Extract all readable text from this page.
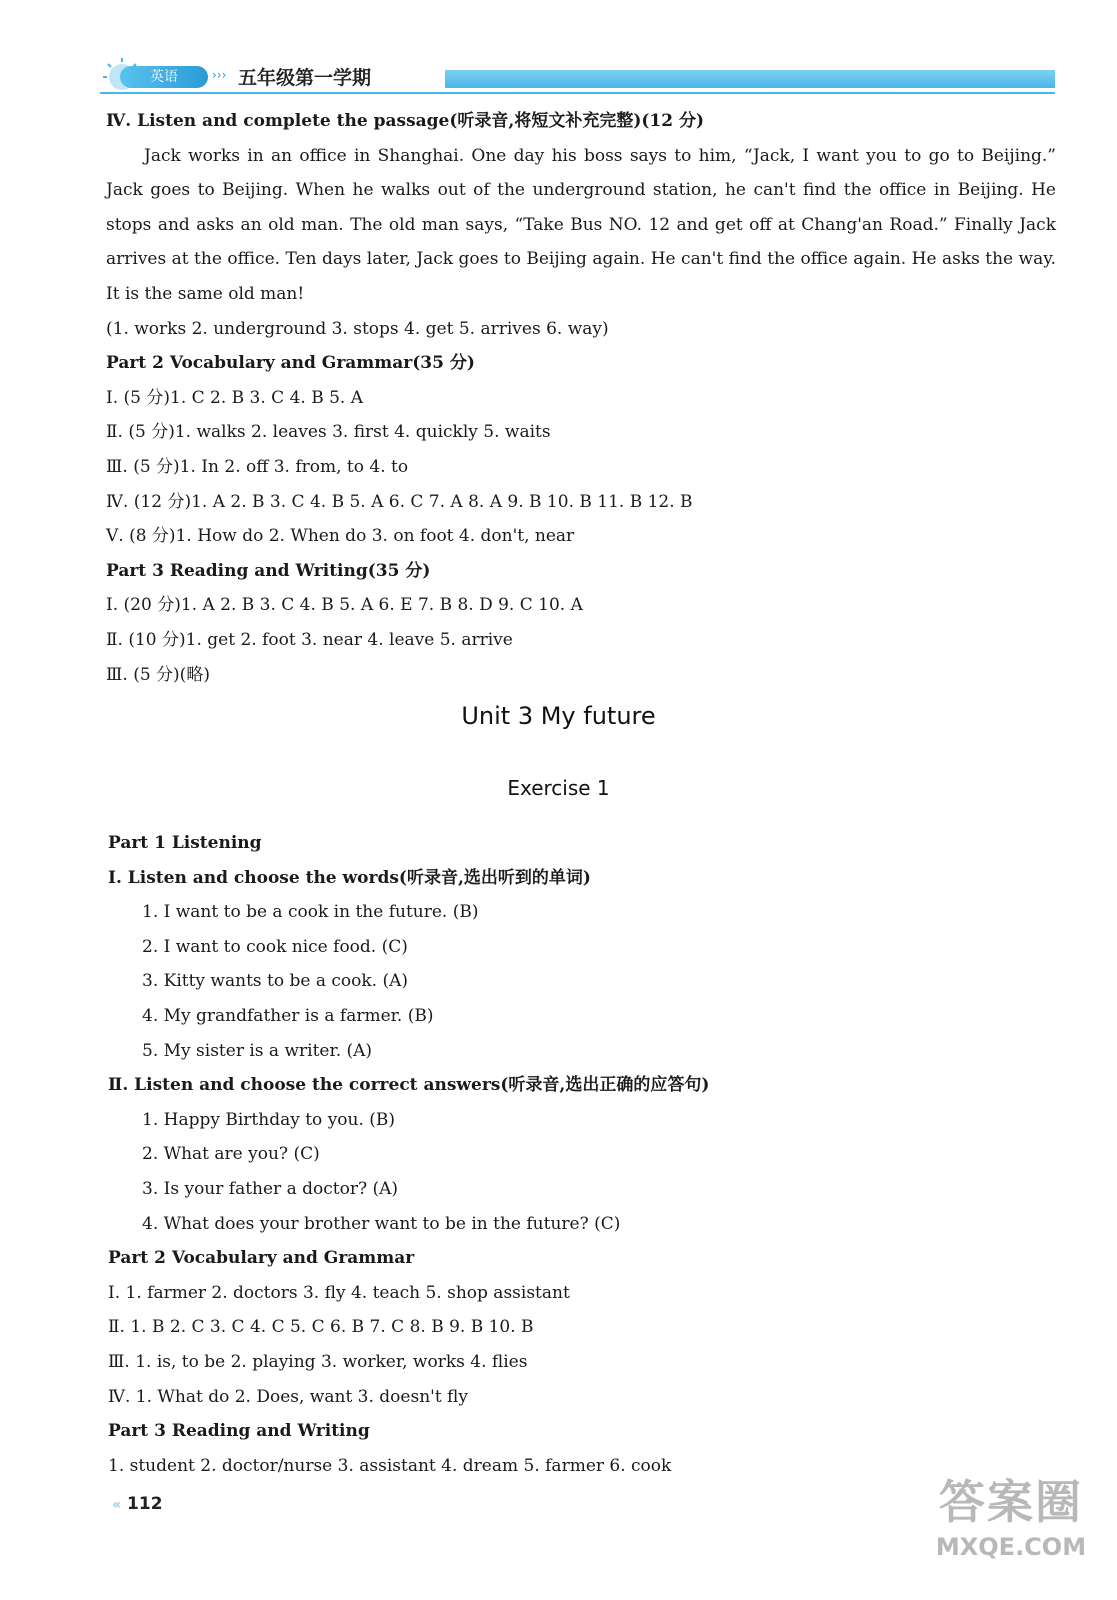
英语	››› 五年级第一学期
Ⅳ. Listen and complete the passage(听录音,将短文补充完整)(12 分)

Jack works in an office in Shanghai. One day his boss says to him, “Jack, I want you to go to Beijing.” Jack goes to Beijing. When he walks out of the underground station, he can't find the office in Beijing. He stops and asks an old man. The old man says, “Take Bus NO. 12 and get off at Chang'an Road.” Finally Jack arrives at the office. Ten days later, Jack goes to Beijing again. He can't find the office again. He asks the way. It is the same old man!

(1. works 2. underground 3. stops 4. get 5. arrives 6. way)
Part 2 Vocabulary and Grammar(35 分)
Ⅰ. (5 分)1. C 2. B 3. C 4. B 5. A
Ⅱ. (5 分)1. walks 2. leaves 3. first 4. quickly 5. waits
Ⅲ. (5 分)1. In 2. off 3. from, to 4. to
Ⅳ. (12 分)1. A 2. B 3. C 4. B 5. A 6. C 7. A 8. A 9. B 10. B 11. B 12. B
Ⅴ. (8 分)1. How do 2. When do 3. on foot 4. don't, near
Part 3 Reading and Writing(35 分)
Ⅰ. (20 分)1. A 2. B 3. C 4. B 5. A 6. E 7. B 8. D 9. C 10. A
Ⅱ. (10 分)1. get 2. foot 3. near 4. leave 5. arrive
Ⅲ. (5 分)(略)
Unit 3 My future
Exercise 1
Part 1 Listening
Ⅰ. Listen and choose the words(听录音,选出听到的单词)
1. I want to be a cook in the future. (B)
2. I want to cook nice food. (C)
3. Kitty wants to be a cook. (A)
4. My grandfather is a farmer. (B)
5. My sister is a writer. (A)
Ⅱ. Listen and choose the correct answers(听录音,选出正确的应答句)
1. Happy Birthday to you. (B)
2. What are you? (C)
3. Is your father a doctor? (A)
4. What does your brother want to be in the future? (C)
Part 2 Vocabulary and Grammar
Ⅰ. 1. farmer 2. doctors 3. fly 4. teach 5. shop assistant
Ⅱ. 1. B 2. C 3. C 4. C 5. C 6. B 7. C 8. B 9. B 10. B
Ⅲ. 1. is, to be 2. playing 3. worker, works 4. flies
Ⅳ. 1. What do 2. Does, want 3. doesn't fly
Part 3 Reading and Writing
1. student 2. doctor/nurse 3. assistant 4. dream 5. farmer 6. cook
« 112	答案圈
MXQE.COM
